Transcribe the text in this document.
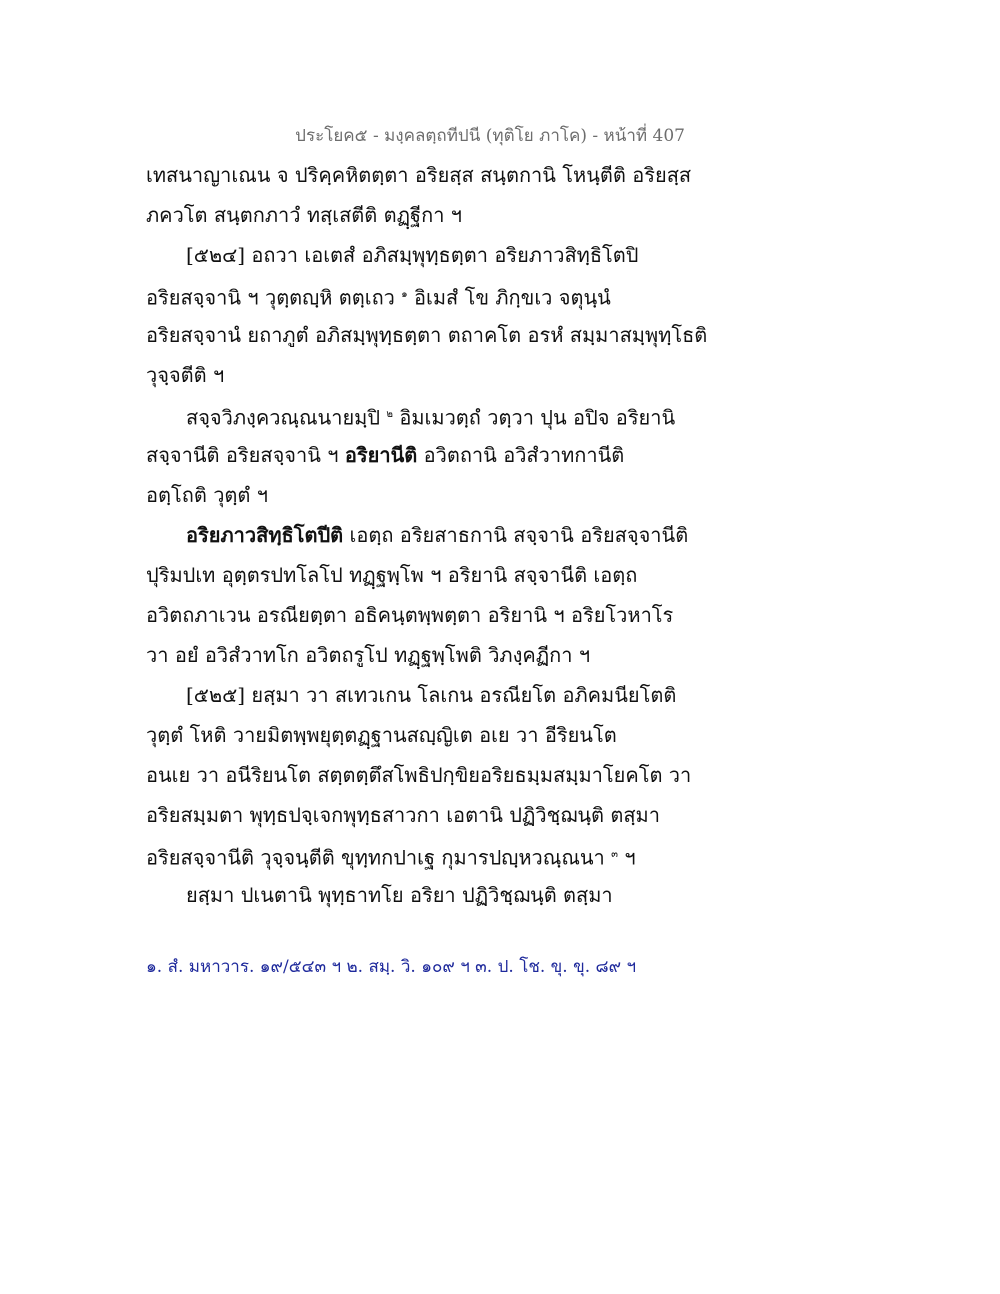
ประโยค๕ - มงฺคลตฺถทีปนี (ทุติโย ภาโค) - หน้าที่ 407
เทสนาญาเณน จ ปริคฺคหิตตฺตา อริยสฺส สนฺตกานิ โหนฺตีติ อริยสฺส
ภควโต สนฺตกภาวํ ทสฺเสตีติ ตฏฺฐีกา ฯ
[๕๒๔] อถวา เอเตสํ อภิสมฺพุทฺธตฺตา อริยภาวสิทฺธิโตปิ
อริยสจฺจานิ ฯ วุตฺตญฺหิ ตตฺเถว $^๑$ อิเมสํ โข ภิกฺขเว จตุนฺนํ
อริยสจฺจานํ ยถาภูตํ อภิสมฺพุทฺธตฺตา ตถาคโต อรหํ สมฺมาสมฺพุทฺโธติ
วุจฺจตีติ ฯ
สจฺจวิภงฺควณฺณนายมฺปิ $^๒$ อิมเมวตฺถํ วตฺวา ปุน อปิจ อริยานิ
สจฺจานีติ อริยสจฺจานิ ฯ อริยานีติ อวิตถานิ อวิสํวาทกานีติ
อตฺโถติ วุตฺตํ ฯ
อริยภาวสิทฺธิโตปีติ เอตฺถ อริยสาธกานิ สจฺจานิ อริยสจฺจานีติ
ปุริมปเท อุตฺตรปทโลโป ทฏฺฐพฺโพ ฯ อริยานิ สจฺจานีติ เอตฺถ
อวิตถภาเวน อรณียตฺตา อธิคนฺตพฺพตฺตา อริยานิ ฯ อริยโวหาโร
วา อยํ อวิสํวาทโก อวิตถรูโป ทฏฺฐพฺโพติ วิภงฺคฏีกา ฯ
[๕๒๕] ยสฺมา วา สเทวเกน โลเกน อรณียโต อภิคมนียโตติ
วุตฺตํ โหติ วายมิตพฺพยุตฺตฏฺฐานสญฺญิเต อเย วา อีริยนโต
อนเย วา อนีริยนโต สตฺตตฺตึสโพธิปกฺขิยอริยธมฺมสมฺมาโยคโต วา
อริยสมฺมตา พุทฺธปจฺเจกพุทฺธสาวกา เอตานิ ปฏิวิชฺฌนฺติ ตสฺมา
อริยสจฺจานีติ วุจฺจนฺตีติ ขุทฺทกปาเฐ กุมารปญฺหวณฺณนา $^๓$ ฯ
ยสฺมา ปเนตานิ พุทฺธาทโย อริยา ปฏิวิชฺฌนฺติ ตสฺมา
๑. สํ. มหาวาร. ๑๙/๕๔๓ ฯ ๒. สมฺ. วิ. ๑๐๙ ฯ ๓. ป. โช. ขุ. ขุ. ๘๙ ฯ
